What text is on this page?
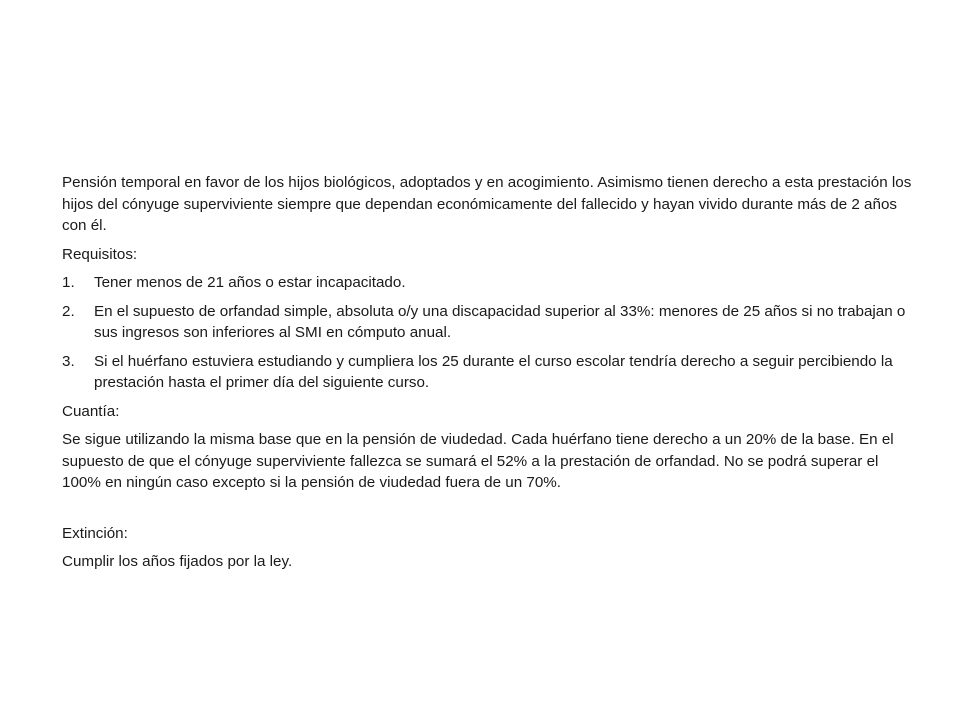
Pensión temporal en favor de los hijos biológicos, adoptados y en acogimiento. Asimismo tienen derecho a esta prestación los hijos del cónyuge superviviente siempre que dependan económicamente del fallecido y hayan vivido durante más de 2 años con él.

Requisitos:

1. Tener menos de 21 años o estar incapacitado.
2. En el supuesto de orfandad simple, absoluta o/y una discapacidad superior al 33%: menores de 25 años si no trabajan o sus ingresos son inferiores al SMI en cómputo anual.
3. Si el huérfano estuviera estudiando y cumpliera los 25 durante el curso escolar tendría derecho a seguir percibiendo la prestación hasta el primer día del siguiente curso.

Cuantía:

Se sigue utilizando la misma base que en la pensión de viudedad. Cada huérfano tiene derecho a un 20% de la base. En el supuesto de que el cónyuge superviviente fallezca se sumará el 52% a la prestación de orfandad. No se podrá superar el 100% en ningún caso excepto si la pensión de viudedad fuera de un 70%.

Extinción:

Cumplir los años fijados por la ley.
